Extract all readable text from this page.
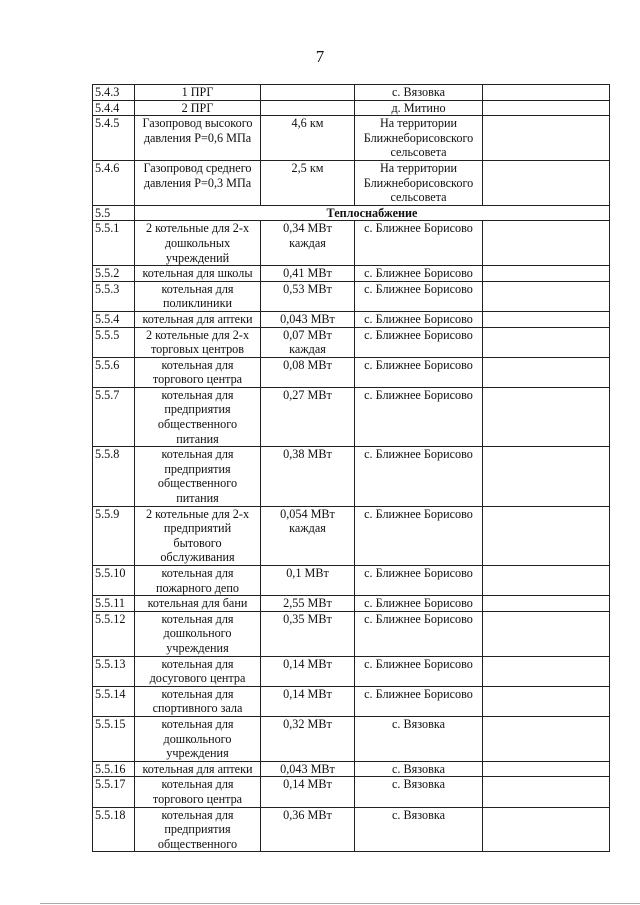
7
5.4.3	1 ПРГ		с. Вязовка	

5.4.4	2 ПРГ		д. Митино	

5.4.5	Газопровод высокого
давления Р=0,6 МПа	4,6 км	На территории
Ближнеборисовского
сельсовета	

5.4.6	Газопровод среднего
давления Р=0,3 МПа	2,5 км	На территории
Ближнеборисовского
сельсовета	

5.5	Теплоснабжение			

5.5.1	2 котельные для 2-х
дошкольных
учреждений	0,34 МВт
каждая	с. Ближнее Борисово	

5.5.2	котельная для школы	0,41 МВт	с. Ближнее Борисово	

5.5.3	котельная для
поликлиники	0,53 МВт	с. Ближнее Борисово	

5.5.4	котельная для аптеки	0,043 МВт	с. Ближнее Борисово	

5.5.5	2 котельные для 2-х
торговых центров	0,07 МВт
каждая	с. Ближнее Борисово	

5.5.6	котельная для
торгового центра	0,08 МВт	с. Ближнее Борисово	

5.5.7	котельная для
предприятия
общественного
питания	0,27 МВт	с. Ближнее Борисово	

5.5.8	котельная для
предприятия
общественного
питания	0,38 МВт	с. Ближнее Борисово	

5.5.9	2 котельные для 2-х
предприятий
бытового
обслуживания	0,054 МВт
каждая	с. Ближнее Борисово	

5.5.10	котельная для
пожарного депо	0,1 МВт	с. Ближнее Борисово	

5.5.11	котельная для бани	2,55 МВт	с. Ближнее Борисово	

5.5.12	котельная для
дошкольного
учреждения	0,35 МВт	с. Ближнее Борисово	

5.5.13	котельная для
досугового центра	0,14 МВт	с. Ближнее Борисово	

5.5.14	котельная для
спортивного зала	0,14 МВт	с. Ближнее Борисово	

5.5.15	котельная для
дошкольного
учреждения	0,32 МВт	с. Вязовка	

5.5.16	котельная для аптеки	0,043 МВт	с. Вязовка	

5.5.17	котельная для
торгового центра	0,14 МВт	с. Вязовка	

5.5.18	котельная для
предприятия
общественного	0,36 МВт	с. Вязовка	
